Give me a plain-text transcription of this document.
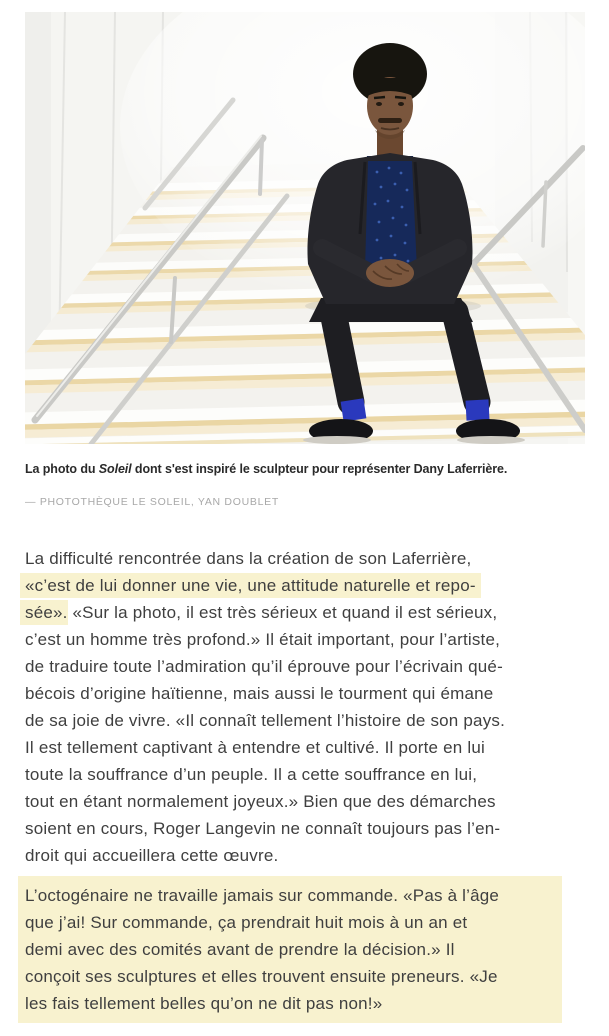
La photo du Soleil dont s'est inspiré le sculpteur pour représenter Dany Laferrière.
— PHOTOTHÈQUE LE SOLEIL, YAN DOUBLET
La difficulté rencontrée dans la création de son Laferrière,
«c’est de lui donner une vie, une attitude naturelle et repo-
sée». «Sur la photo, il est très sérieux et quand il est sérieux,
c’est un homme très profond.» Il était important, pour l’artiste,
de traduire toute l’admiration qu’il éprouve pour l’écrivain qué-
bécois d’origine haïtienne, mais aussi le tourment qui émane
de sa joie de vivre. «Il connaît tellement l’histoire de son pays.
Il est tellement captivant à entendre et cultivé. Il porte en lui
toute la souffrance d’un peuple. Il a cette souffrance en lui,
tout en étant normalement joyeux.» Bien que des démarches
soient en cours, Roger Langevin ne connaît toujours pas l’en-
droit qui accueillera cette œuvre.
L’octogénaire ne travaille jamais sur commande. «Pas à l’âge
que j’ai! Sur commande, ça prendrait huit mois à un an et
demi avec des comités avant de prendre la décision.» Il
conçoit ses sculptures et elles trouvent ensuite preneurs. «Je
les fais tellement belles qu’on ne dit pas non!»
